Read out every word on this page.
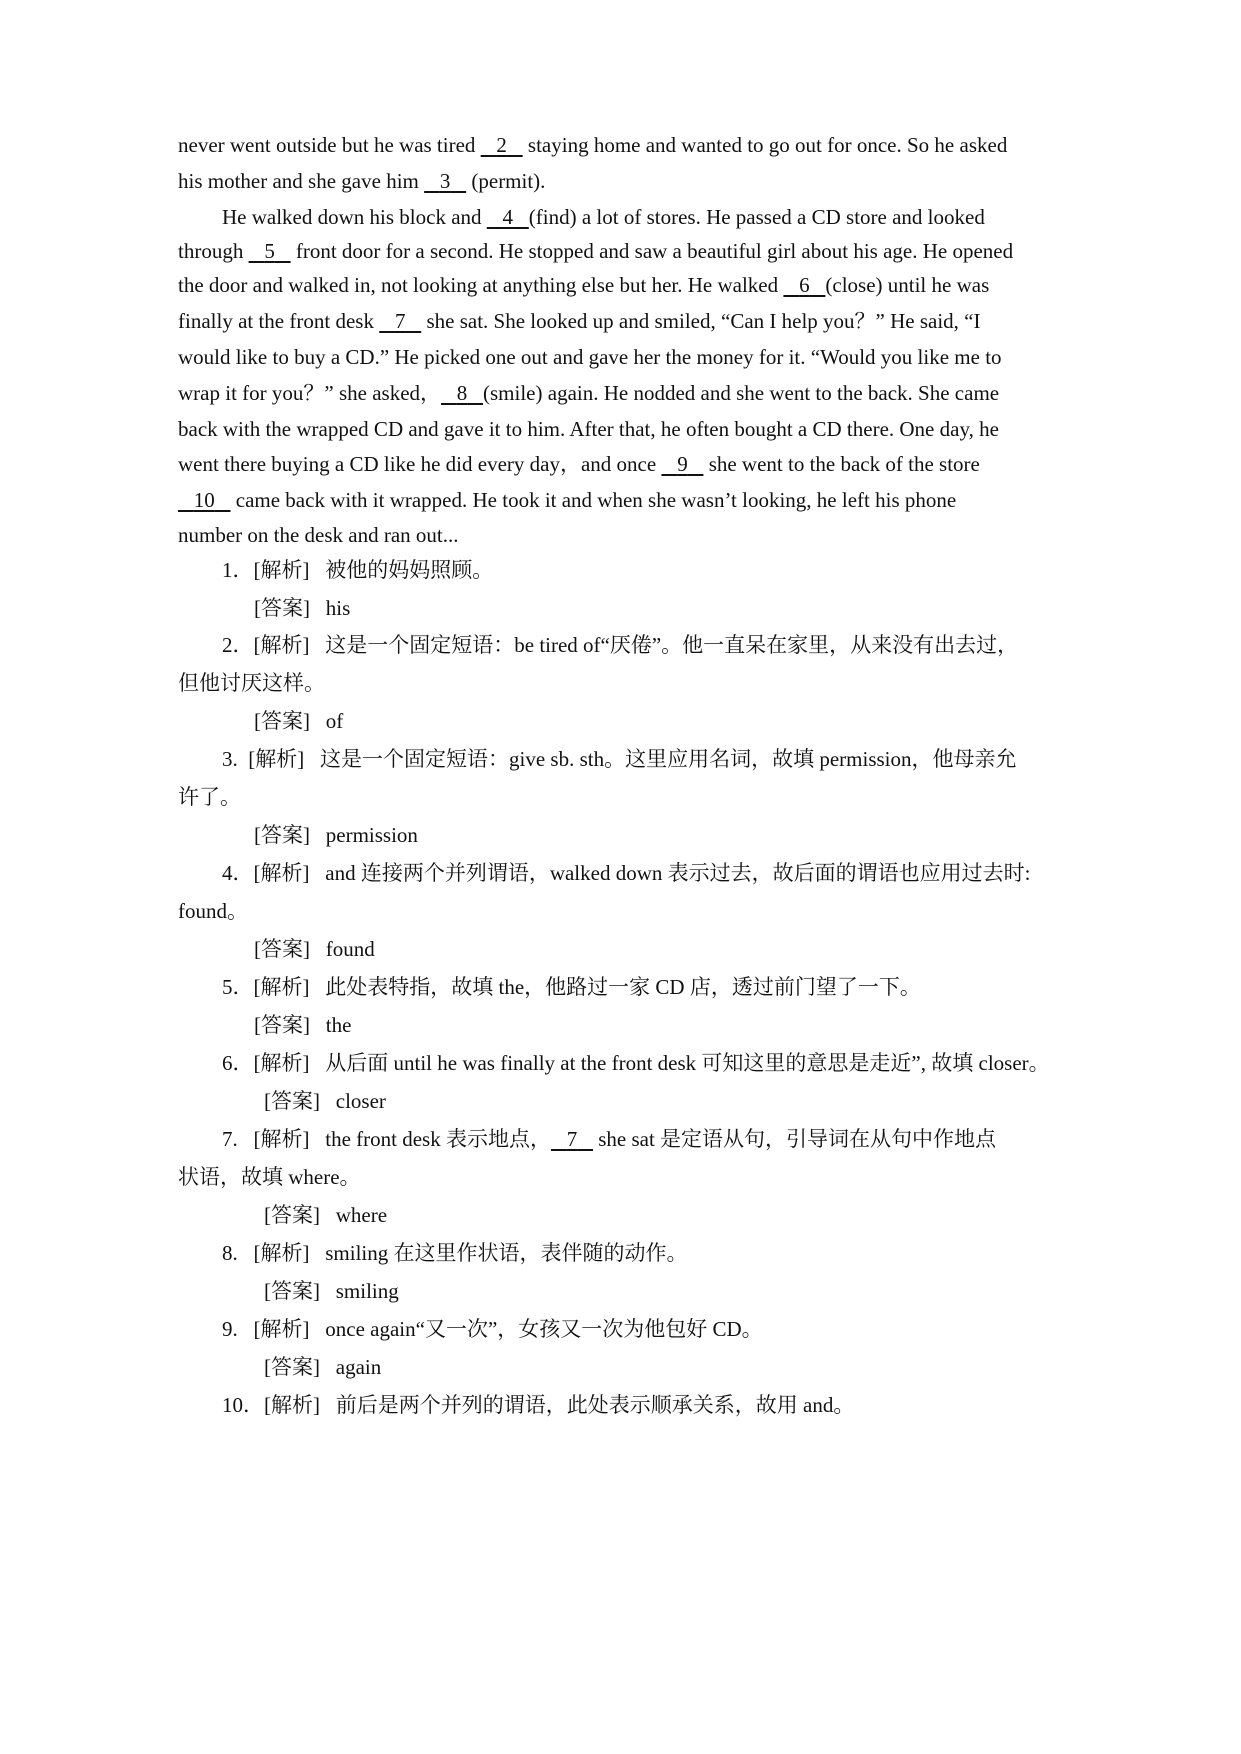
never went outside but he was tired    2    staying home and wanted to go out for once. So he asked
his mother and she gave him    3    (permit).
He walked down his block and    4 (find) a lot of stores. He passed a CD store and looked
through    5    front door for a second. He stopped and saw a beautiful girl about his age. He opened
the door and walked in, not looking at anything else but her. He walked    6 (close) until he was
finally at the front desk    7    she sat. She looked up and smiled, “Can I help you？” He said, “I
would like to buy a CD.” He picked one out and gave her the money for it. “Would you like me to
wrap it for you？” she asked， 8 (smile) again. He nodded and she went to the back. She came
back with the wrapped CD and gave it to him. After that, he often bought a CD there. One day, he
went there buying a CD like he did every day，and once    9    she went to the back of the store
10    came back with it wrapped. He took it and when she wasn’t looking, he left his phone
number on the desk and ran out...
1．[解析] 被他的妈妈照顾。
[答案] his
2．[解析] 这是一个固定短语：be tired of“厌倦”。他一直呆在家里，从来没有出去过，
但他讨厌这样。
[答案] of
3. [解析] 这是一个固定短语：give sb. sth。这里应用名词，故填 permission，他母亲允
许了。
[答案] permission
4．[解析] and 连接两个并列谓语，walked down 表示过去，故后面的谓语也应用过去时:
found。
[答案] found
5．[解析] 此处表特指，故填 the，他路过一家 CD 店，透过前门望了一下。
[答案] the
6．[解析] 从后面 until he was finally at the front desk 可知这里的意思是走近”, 故填 closer。
[答案] closer
7. [解析] the front desk 表示地点， 7    she sat 是定语从句，引导词在从句中作地点
状语，故填 where。
[答案] where
8. [解析] smiling 在这里作状语，表伴随的动作。
[答案] smiling
9. [解析] once again“又一次”，女孩又一次为他包好 CD。
[答案] again
10．[解析] 前后是两个并列的谓语，此处表示顺承关系，故用 and。
